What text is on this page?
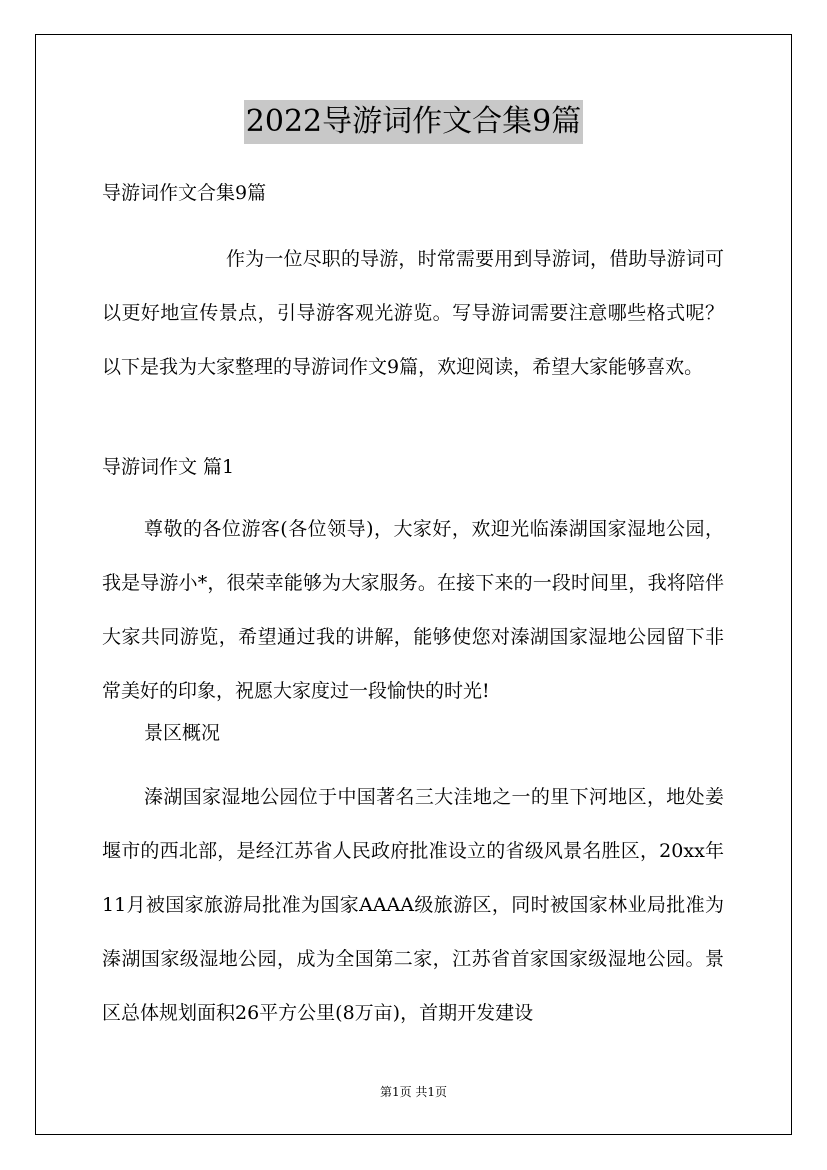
2022导游词作文合集9篇
导游词作文合集9篇
作为一位尽职的导游，时常需要用到导游词，借助导游词可以更好地宣传景点，引导游客观光游览。写导游词需要注意哪些格式呢？以下是我为大家整理的导游词作文9篇，欢迎阅读，希望大家能够喜欢。
导游词作文 篇1
尊敬的各位游客(各位领导)，大家好，欢迎光临溱湖国家湿地公园，我是导游小*，很荣幸能够为大家服务。在接下来的一段时间里，我将陪伴大家共同游览，希望通过我的讲解，能够使您对溱湖国家湿地公园留下非常美好的印象，祝愿大家度过一段愉快的时光!
景区概况
溱湖国家湿地公园位于中国著名三大洼地之一的里下河地区，地处姜堰市的西北部，是经江苏省人民政府批准设立的省级风景名胜区，20xx年11月被国家旅游局批准为国家AAAA级旅游区，同时被国家林业局批准为溱湖国家级湿地公园，成为全国第二家，江苏省首家国家级湿地公园。景区总体规划面积26平方公里(8万亩)，首期开发建设
第1页 共1页
